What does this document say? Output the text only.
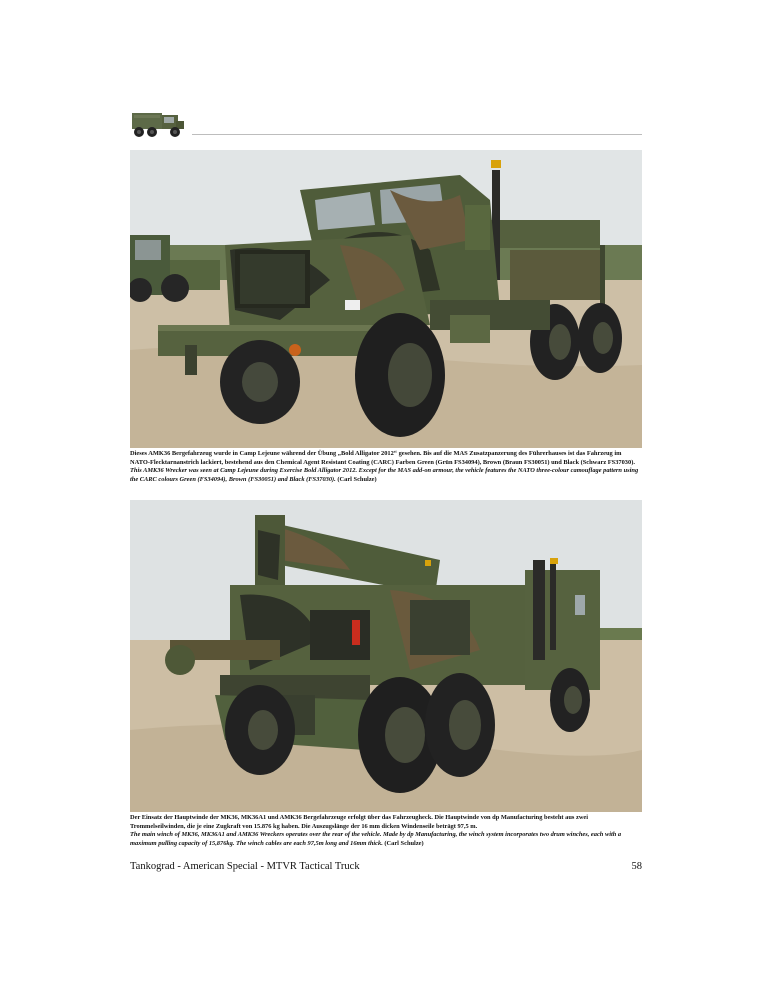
Dieses AMK36 Bergefahrzeug wurde in Camp Lejeune während der Übung „Bold Alligator 2012“ gesehen. Bis auf die MAS Zusatzpanzerung des Führerhauses ist das Fahrzeug im NATO-Flecktarnanstrich lackiert, bestehend aus den Chemical Agent Resistant Coating (CARC) Farben Green (Grün FS34094), Brown (Braun FS30051) und Black (Schwarz FS37030).

This AMK36 Wrecker was seen at Camp Lejeune during Exercise Bold Alligator 2012. Except for the MAS add-on armour, the vehicle features the NATO three-colour camouflage pattern using the CARC colours Green (FS34094), Brown (FS30051) and Black (FS37030). (Carl Schulze)

Der Einsatz der Hauptwinde der MK36, MK36A1 und AMK36 Bergefahrzeuge erfolgt über das Fahrzeugheck. Die Hauptwinde von dp Manufacturing besteht aus zwei Trommelseilwinden, die je eine Zugkraft von 15.876 kg haben. Die Auszugslänge der 16 mm dicken Windenseile beträgt 97,5 m.

The main winch of MK36, MK36A1 and AMK36 Wreckers operates over the rear of the vehicle. Made by dp Manufacturing, the winch system incorporates two drum winches, each with a maximum pulling capacity of 15,876kg. The winch cables are each 97,5m long and 16mm thick. (Carl Schulze)

Tankograd - American Special - MTVR Tactical Truck	58
